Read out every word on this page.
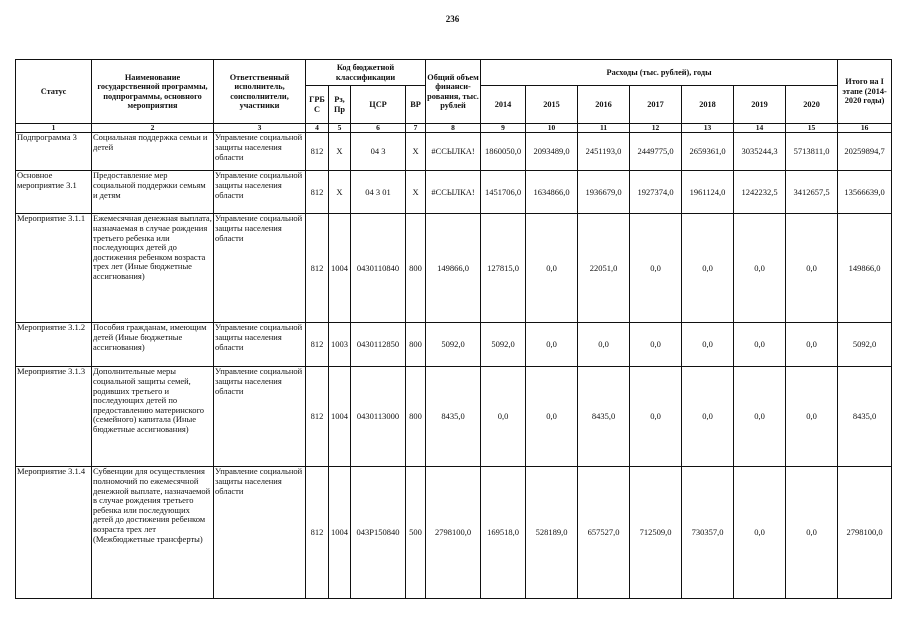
236
Статус	Наименование государственной программы, подпрограммы, основного мероприятия	Ответственный исполнитель, соисполнители, участники	Код бюджетной классификации				Общий объем финанси- рования, тыс. рублей	Расходы (тыс. рублей), годы							Итого на I этапе (2014-2020 годы)
			ГРБ С	Рз, Пр	ЦСР	ВР		2014	2015	2016	2017	2018	2019	2020	
1	2	3	4	5	6	7	8	9	10	11	12	13	14	15	16
Подпрограмма 3	Социальная поддержка семьи и детей	Управление социальной защиты населения области	812	Х	04 3	Х	#ССЫЛКА!	1860050,0	2093489,0	2451193,0	2449775,0	2659361,0	3035244,3	5713811,0	20259894,7
Основное мероприятие 3.1	Предоставление мер социальной поддержки семьям и детям	Управление социальной защиты населения области	812	Х	04 3 01	Х	#ССЫЛКА!	1451706,0	1634866,0	1936679,0	1927374,0	1961124,0	1242232,5	3412657,5	13566639,0
Мероприятие 3.1.1	Ежемесячная денежная выплата, назначаемая в случае рождения третьего ребенка или последующих детей до достижения ребенком возраста трех лет (Иные бюджетные ассигнования)	Управление социальной защиты населения области	812	1004	0430110840	800	149866,0	127815,0	0,0	22051,0	0,0	0,0	0,0	0,0	149866,0
Мероприятие 3.1.2	Пособия гражданам, имеющим детей (Иные бюджетные ассигнования)	Управление социальной защиты населения области	812	1003	0430112850	800	5092,0	5092,0	0,0	0,0	0,0	0,0	0,0	0,0	5092,0
Мероприятие 3.1.3	Дополнительные меры социальной защиты семей, родивших третьего и последующих детей по предоставлению материнского (семейного) капитала (Иные бюджетные ассигнования)	Управление социальной защиты населения области	812	1004	0430113000	800	8435,0	0,0	0,0	8435,0	0,0	0,0	0,0	0,0	8435,0
Мероприятие 3.1.4	Субвенции для осуществления полномочий по ежемесячной денежной выплате, назначаемой в случае рождения третьего ребенка или последующих детей до достижения ребенком возраста трех лет (Межбюджетные трансферты)	Управление социальной защиты населения области	812	1004	043Р150840	500	2798100,0	169518,0	528189,0	657527,0	712509,0	730357,0	0,0	0,0	2798100,0
